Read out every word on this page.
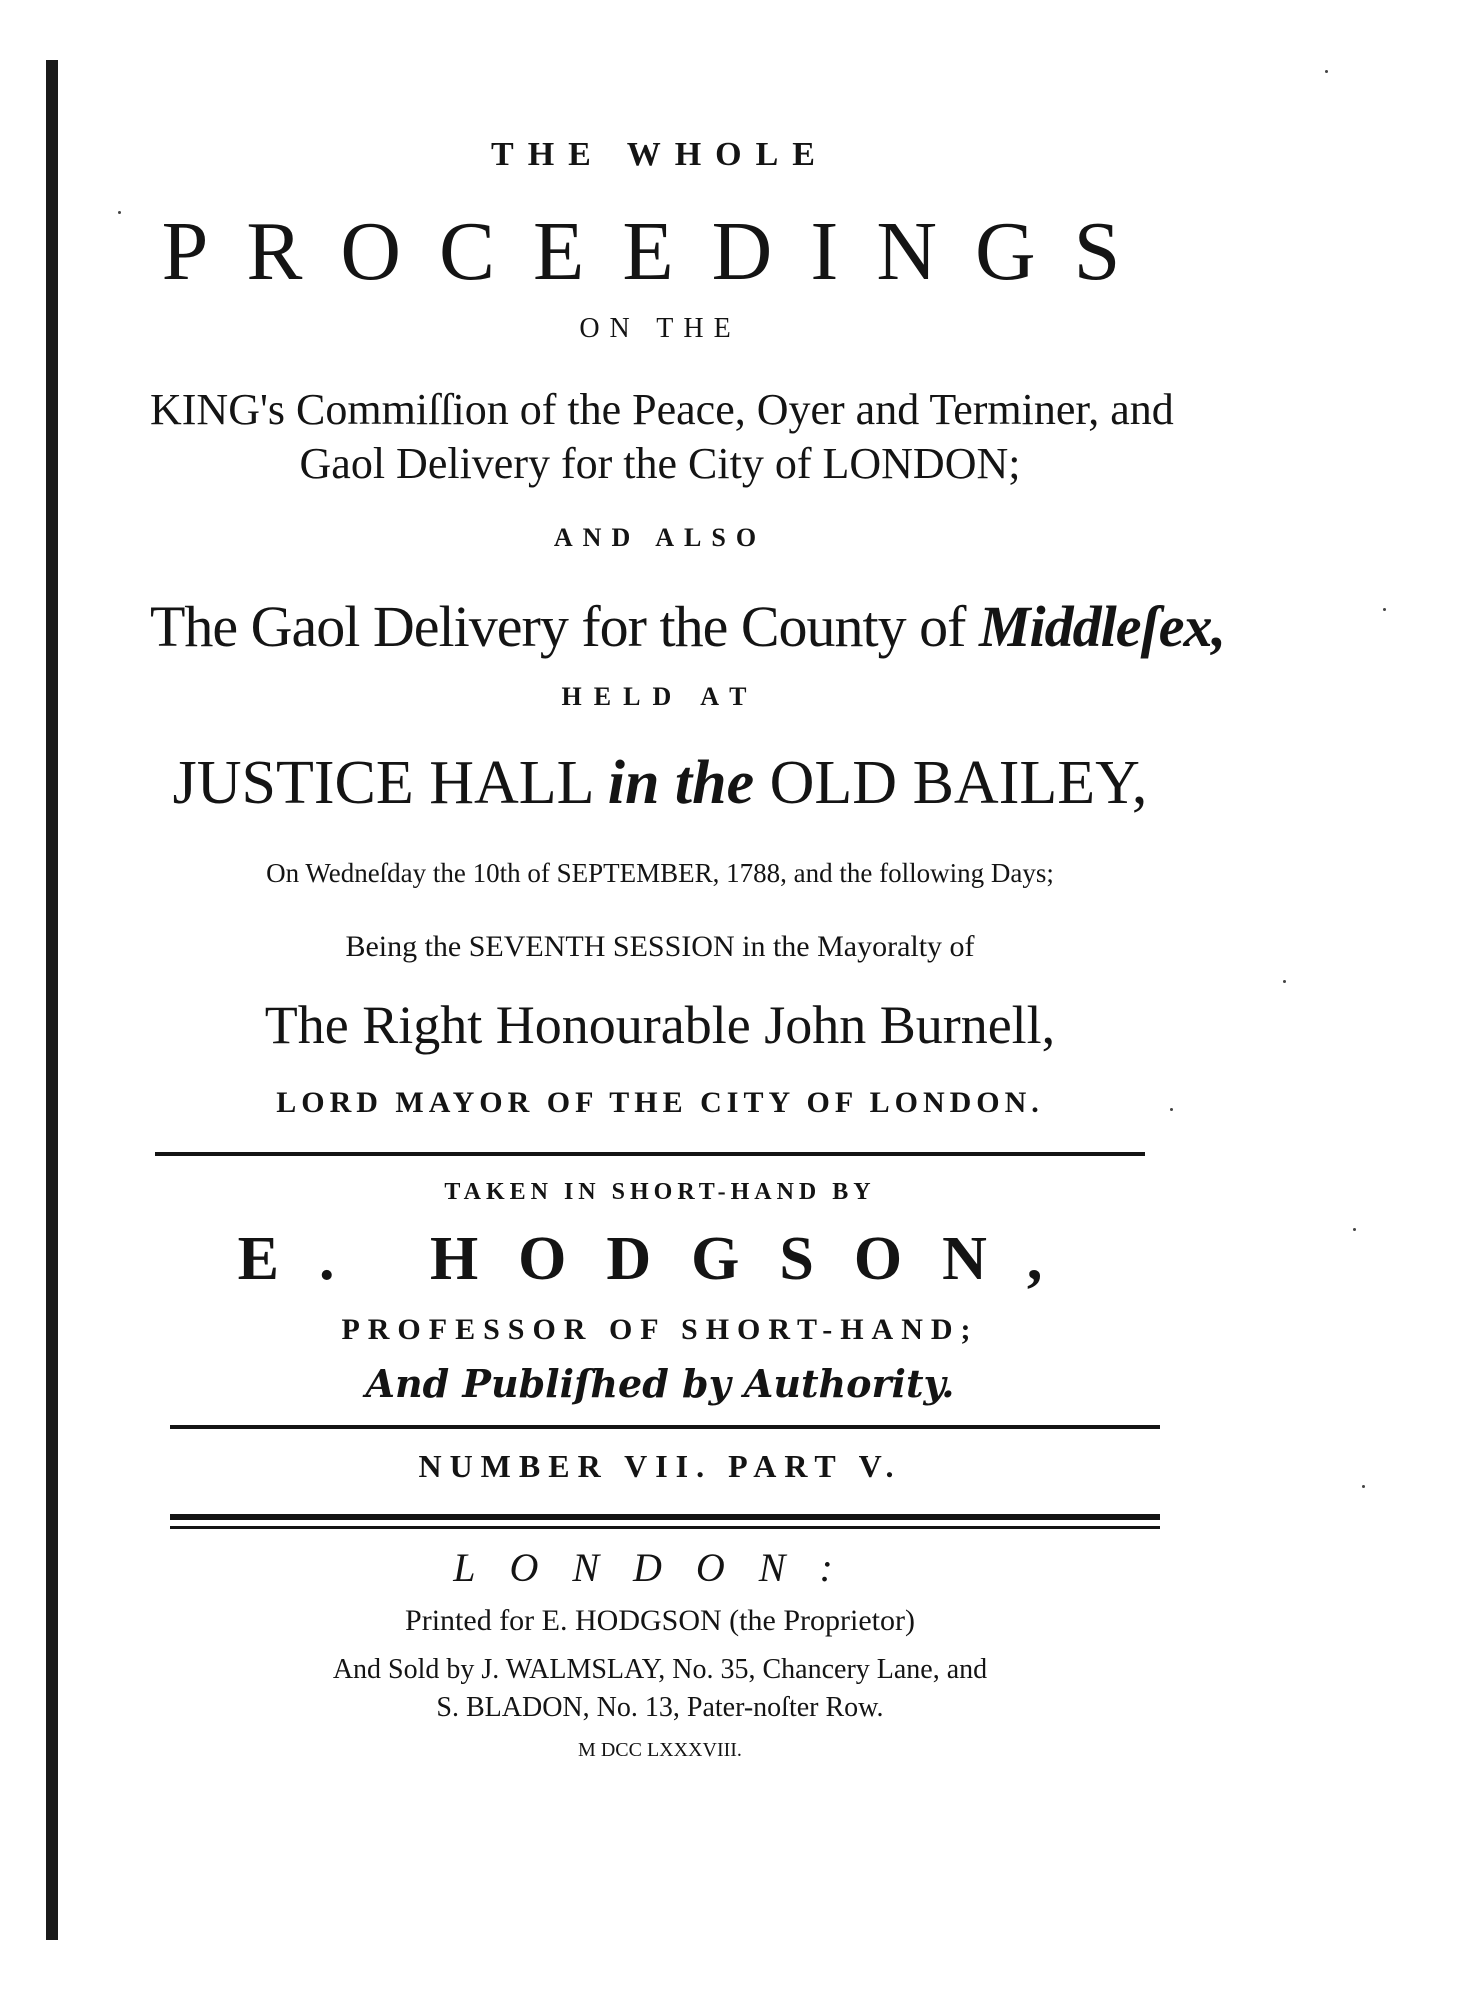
THE WHOLE
PROCEEDINGS
ON THE
KING's Commiſſion of the Peace, Oyer and Terminer, and
Gaol Delivery for the City of LONDON;
AND ALSO
The Gaol Delivery for the County of Middleſex,
HELD AT
JUSTICE HALL in the OLD BAILEY,
On Wedneſday the 10th of SEPTEMBER, 1788, and the following Days;
Being the SEVENTH SESSION in the Mayoralty of
The Right Honourable John Burnell,
LORD MAYOR OF THE CITY OF LONDON.
TAKEN IN SHORT-HAND BY
E. HODGSON,
PROFESSOR OF SHORT-HAND;
And Publiſhed by Authority.
NUMBER VII. PART V.
LONDON:
Printed for E. HODGSON (the Proprietor)
And Sold by J. WALMSLAY, No. 35, Chancery Lane, and
S. BLADON, No. 13, Pater-noſter Row.
M DCC LXXXVIII.
